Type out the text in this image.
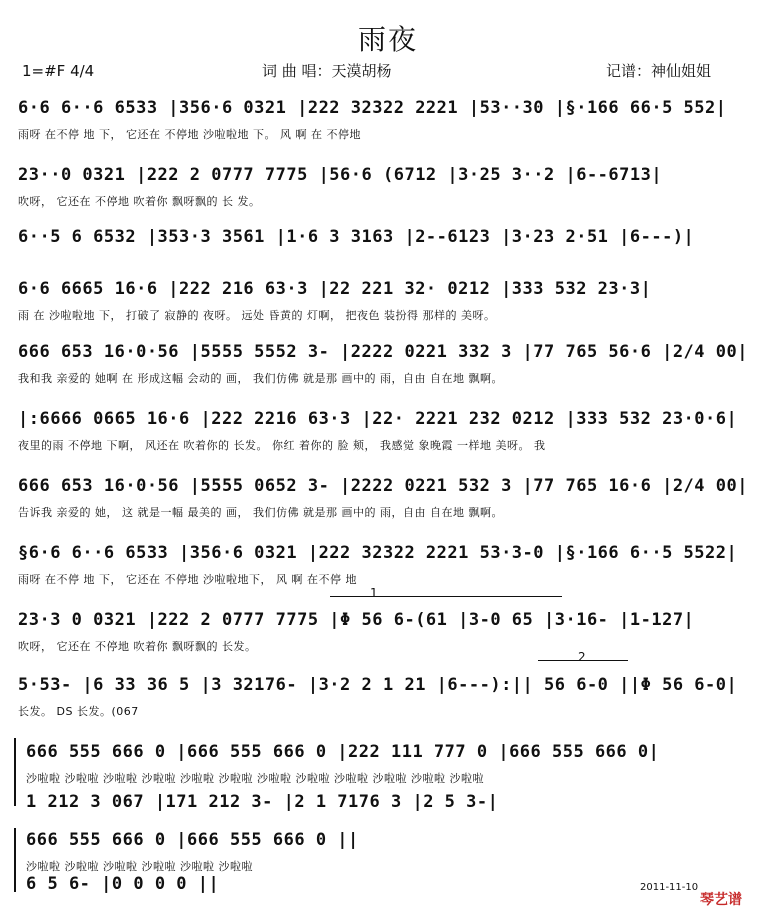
雨夜
1=#F 4/4	词 曲 唱：天漠胡杨	记谱：神仙姐姐
6·6 6··6 6533 |356·6 0321 |222 32322 2221 |53··30 |§·166 66·5 552|
雨呀 在不停 地 下， 它还在 不停地 沙啦啦地 下。 风 啊 在 不停地
23··0 0321 |222 2 0777 7775 |56·6 (6712 |3·25 3··2 |6--6713|
吹呀， 它还在 不停地 吹着你 飘呀飘的 长 发。
6··5 6 6532 |353·3 3561 |1·6 3 3163 |2--6123 |3·23 2·51 |6---)|
6·6 6665 16·6 |222 216 63·3 |22 221 32· 0212 |333 532 23·3|
雨 在 沙啦啦地 下， 打破了 寂静的 夜呀。 远处 昏黄的 灯啊， 把夜色 装扮得 那样的 美呀。
666 653 16·0·56 |5555 5552 3- |2222 0221 332 3 |77 765 56·6 |2/4 00|
我和我 亲爱的 她啊 在 形成这幅 会动的 画， 我们仿佛 就是那 画中的 雨，自由 自在地 飘啊。
|:6666 0665 16·6 |222 2216 63·3 |22· 2221 232 0212 |333 532 23·0·6|
夜里的雨 不停地 下啊， 风还在 吹着你的 长发。 你红 着你的 脸 颊， 我感觉 象晚霞 一样地 美呀。 我
666 653 16·0·56 |5555 0652 3- |2222 0221 532 3 |77 765 16·6 |2/4 00|
告诉我 亲爱的 她， 这 就是一幅 最美的 画， 我们仿佛 就是那 画中的 雨，自由 自在地 飘啊。
§6·6 6··6 6533 |356·6 0321 |222 32322 2221 53·3-0 |§·166 6··5 5522|
雨呀 在不停 地 下， 它还在 不停地 沙啦啦地下， 风 啊 在不停 地
23·3 0 0321 |222 2 0777 7775 |Φ 56 6-(61 |3-0 65 |3·16- |1-127|
吹呀， 它还在 不停地 吹着你 飘呀飘的 长发。
5·53- |6 33 36 5 |3 32176- |3·2 2 1 21 |6---):|| 56 6-0 ||Φ 56 6-0|
长发。 DS 长发。(067
666 555 666 0 |666 555 666 0 |222 111 777 0 |666 555 666 0|
沙啦啦 沙啦啦 沙啦啦 沙啦啦 沙啦啦 沙啦啦 沙啦啦 沙啦啦 沙啦啦 沙啦啦 沙啦啦 沙啦啦
1 212 3 067 |171 212 3- |2 1 7176 3 |2 5 3-|
666 555 666 0 |666 555 666 0 ||
沙啦啦 沙啦啦 沙啦啦 沙啦啦 沙啦啦 沙啦啦
6 5 6- |0 0 0 0 ||
1
2
2011-11-10
琴艺谱
